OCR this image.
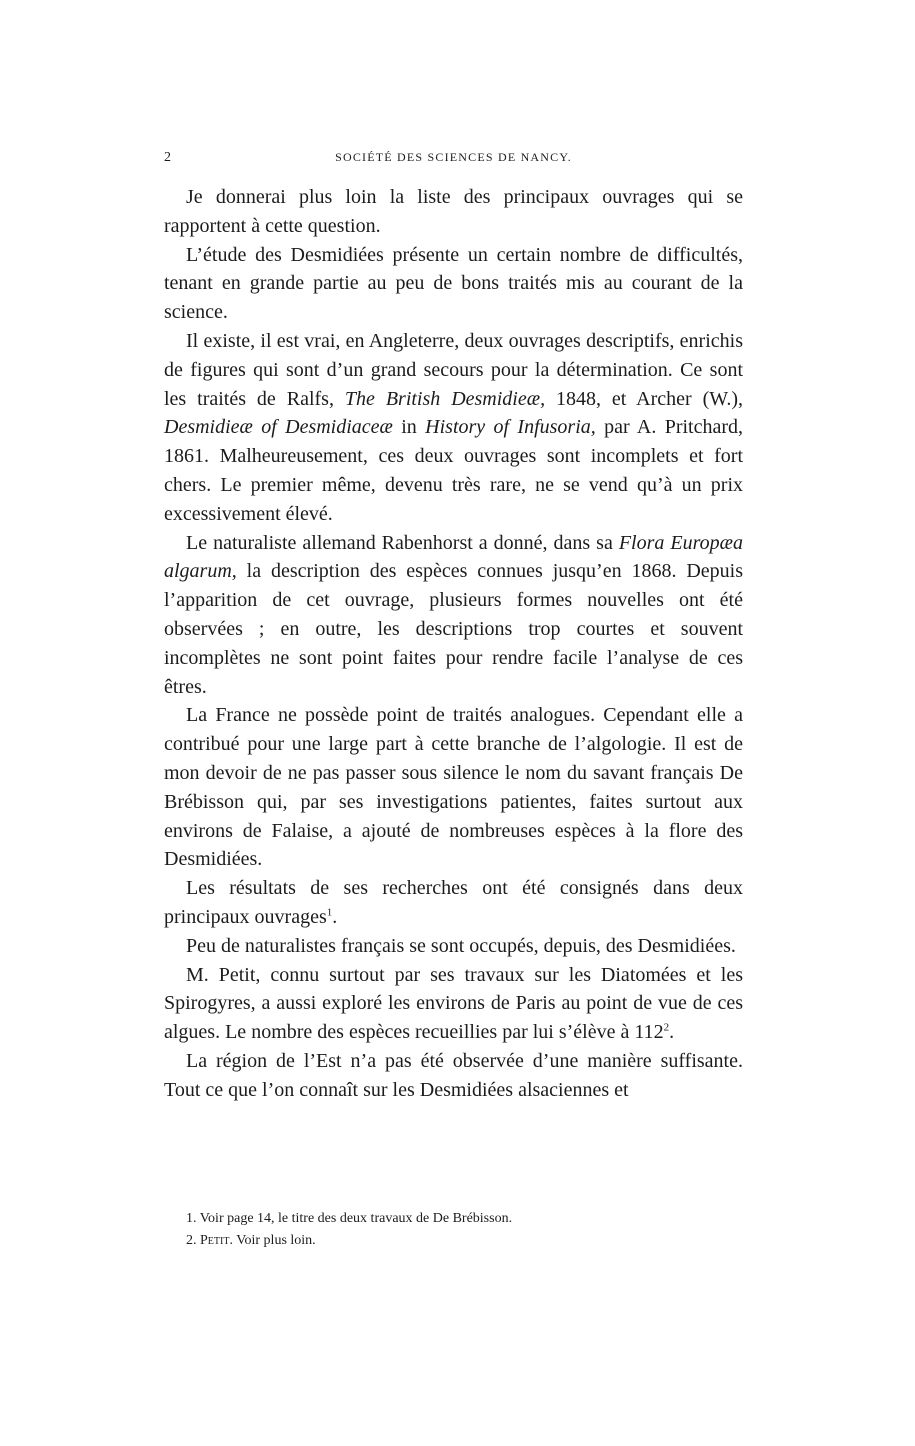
2	SOCIÉTÉ DES SCIENCES DE NANCY.

Je donnerai plus loin la liste des principaux ouvrages qui se rapportent à cette question.

L’étude des Desmidiées présente un certain nombre de difficultés, tenant en grande partie au peu de bons traités mis au courant de la science.

Il existe, il est vrai, en Angleterre, deux ouvrages descriptifs, enrichis de figures qui sont d’un grand secours pour la détermination. Ce sont les traités de Ralfs, The British Desmidieæ, 1848, et Archer (W.), Desmidieæ of Desmidiaceæ in History of Infusoria, par A. Pritchard, 1861. Malheureusement, ces deux ouvrages sont incomplets et fort chers. Le premier même, devenu très rare, ne se vend qu’à un prix excessivement élevé.

Le naturaliste allemand Rabenhorst a donné, dans sa Flora Europæa algarum, la description des espèces connues jusqu’en 1868. Depuis l’apparition de cet ouvrage, plusieurs formes nouvelles ont été observées ; en outre, les descriptions trop courtes et souvent incomplètes ne sont point faites pour rendre facile l’analyse de ces êtres.

La France ne possède point de traités analogues. Cependant elle a contribué pour une large part à cette branche de l’algologie. Il est de mon devoir de ne pas passer sous silence le nom du savant français De Brébisson qui, par ses investigations patientes, faites surtout aux environs de Falaise, a ajouté de nombreuses espèces à la flore des Desmidiées.

Les résultats de ses recherches ont été consignés dans deux principaux ouvrages$^1$.

Peu de naturalistes français se sont occupés, depuis, des Desmidiées.

M. Petit, connu surtout par ses travaux sur les Diatomées et les Spirogyres, a aussi exploré les environs de Paris au point de vue de ces algues. Le nombre des espèces recueillies par lui s’élève à $112^2$.

La région de l’Est n’a pas été observée d’une manière suffisante. Tout ce que l’on connaît sur les Desmidiées alsaciennes et

1. Voir page 14, le titre des deux travaux de De Brébisson.

2. Petit. Voir plus loin.
